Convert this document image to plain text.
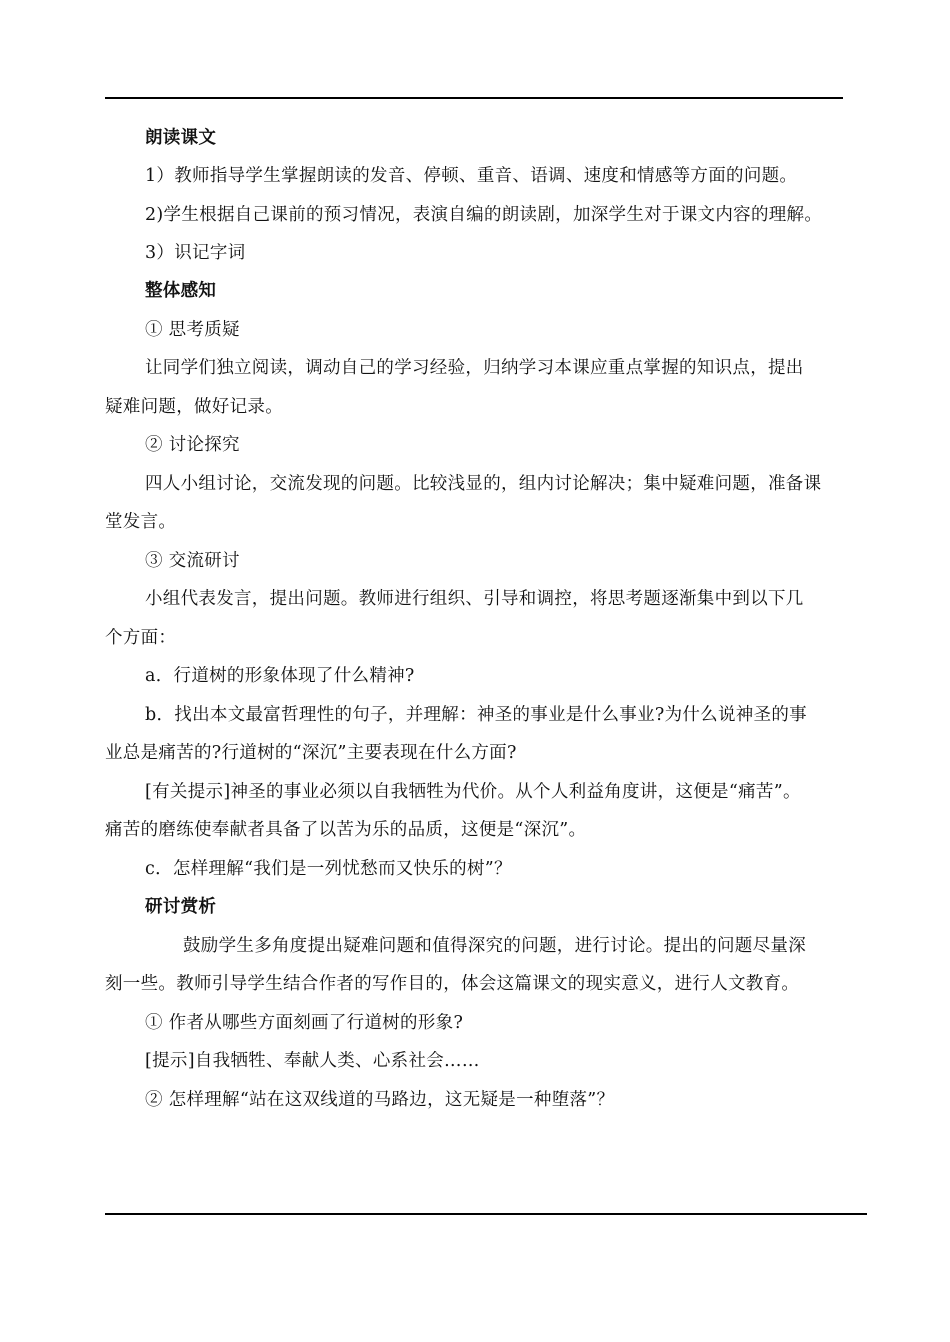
朗读课文
1）教师指导学生掌握朗读的发音、停顿、重音、语调、速度和情感等方面的问题。
2)学生根据自己课前的预习情况，表演自编的朗读剧，加深学生对于课文内容的理解。
3）识记字词
整体感知
① 思考质疑
让同学们独立阅读，调动自己的学习经验，归纳学习本课应重点掌握的知识点，提出
疑难问题，做好记录。
② 讨论探究
四人小组讨论，交流发现的问题。比较浅显的，组内讨论解决；集中疑难问题，准备课
堂发言。
③ 交流研讨
小组代表发言，提出问题。教师进行组织、引导和调控，将思考题逐渐集中到以下几
个方面：
a．行道树的形象体现了什么精神?
b．找出本文最富哲理性的句子，并理解：神圣的事业是什么事业?为什么说神圣的事
业总是痛苦的?行道树的“深沉”主要表现在什么方面?
[有关提示]神圣的事业必须以自我牺牲为代价。从个人利益角度讲，这便是“痛苦”。
痛苦的磨练使奉献者具备了以苦为乐的品质，这便是“深沉”。
c．怎样理解“我们是一列忧愁而又快乐的树”？
研讨赏析
鼓励学生多角度提出疑难问题和值得深究的问题，进行讨论。提出的问题尽量深
刻一些。教师引导学生结合作者的写作目的，体会这篇课文的现实意义，进行人文教育。
① 作者从哪些方面刻画了行道树的形象?
[提示]自我牺牲、奉献人类、心系社会……
② 怎样理解“站在这双线道的马路边，这无疑是一种堕落”？
